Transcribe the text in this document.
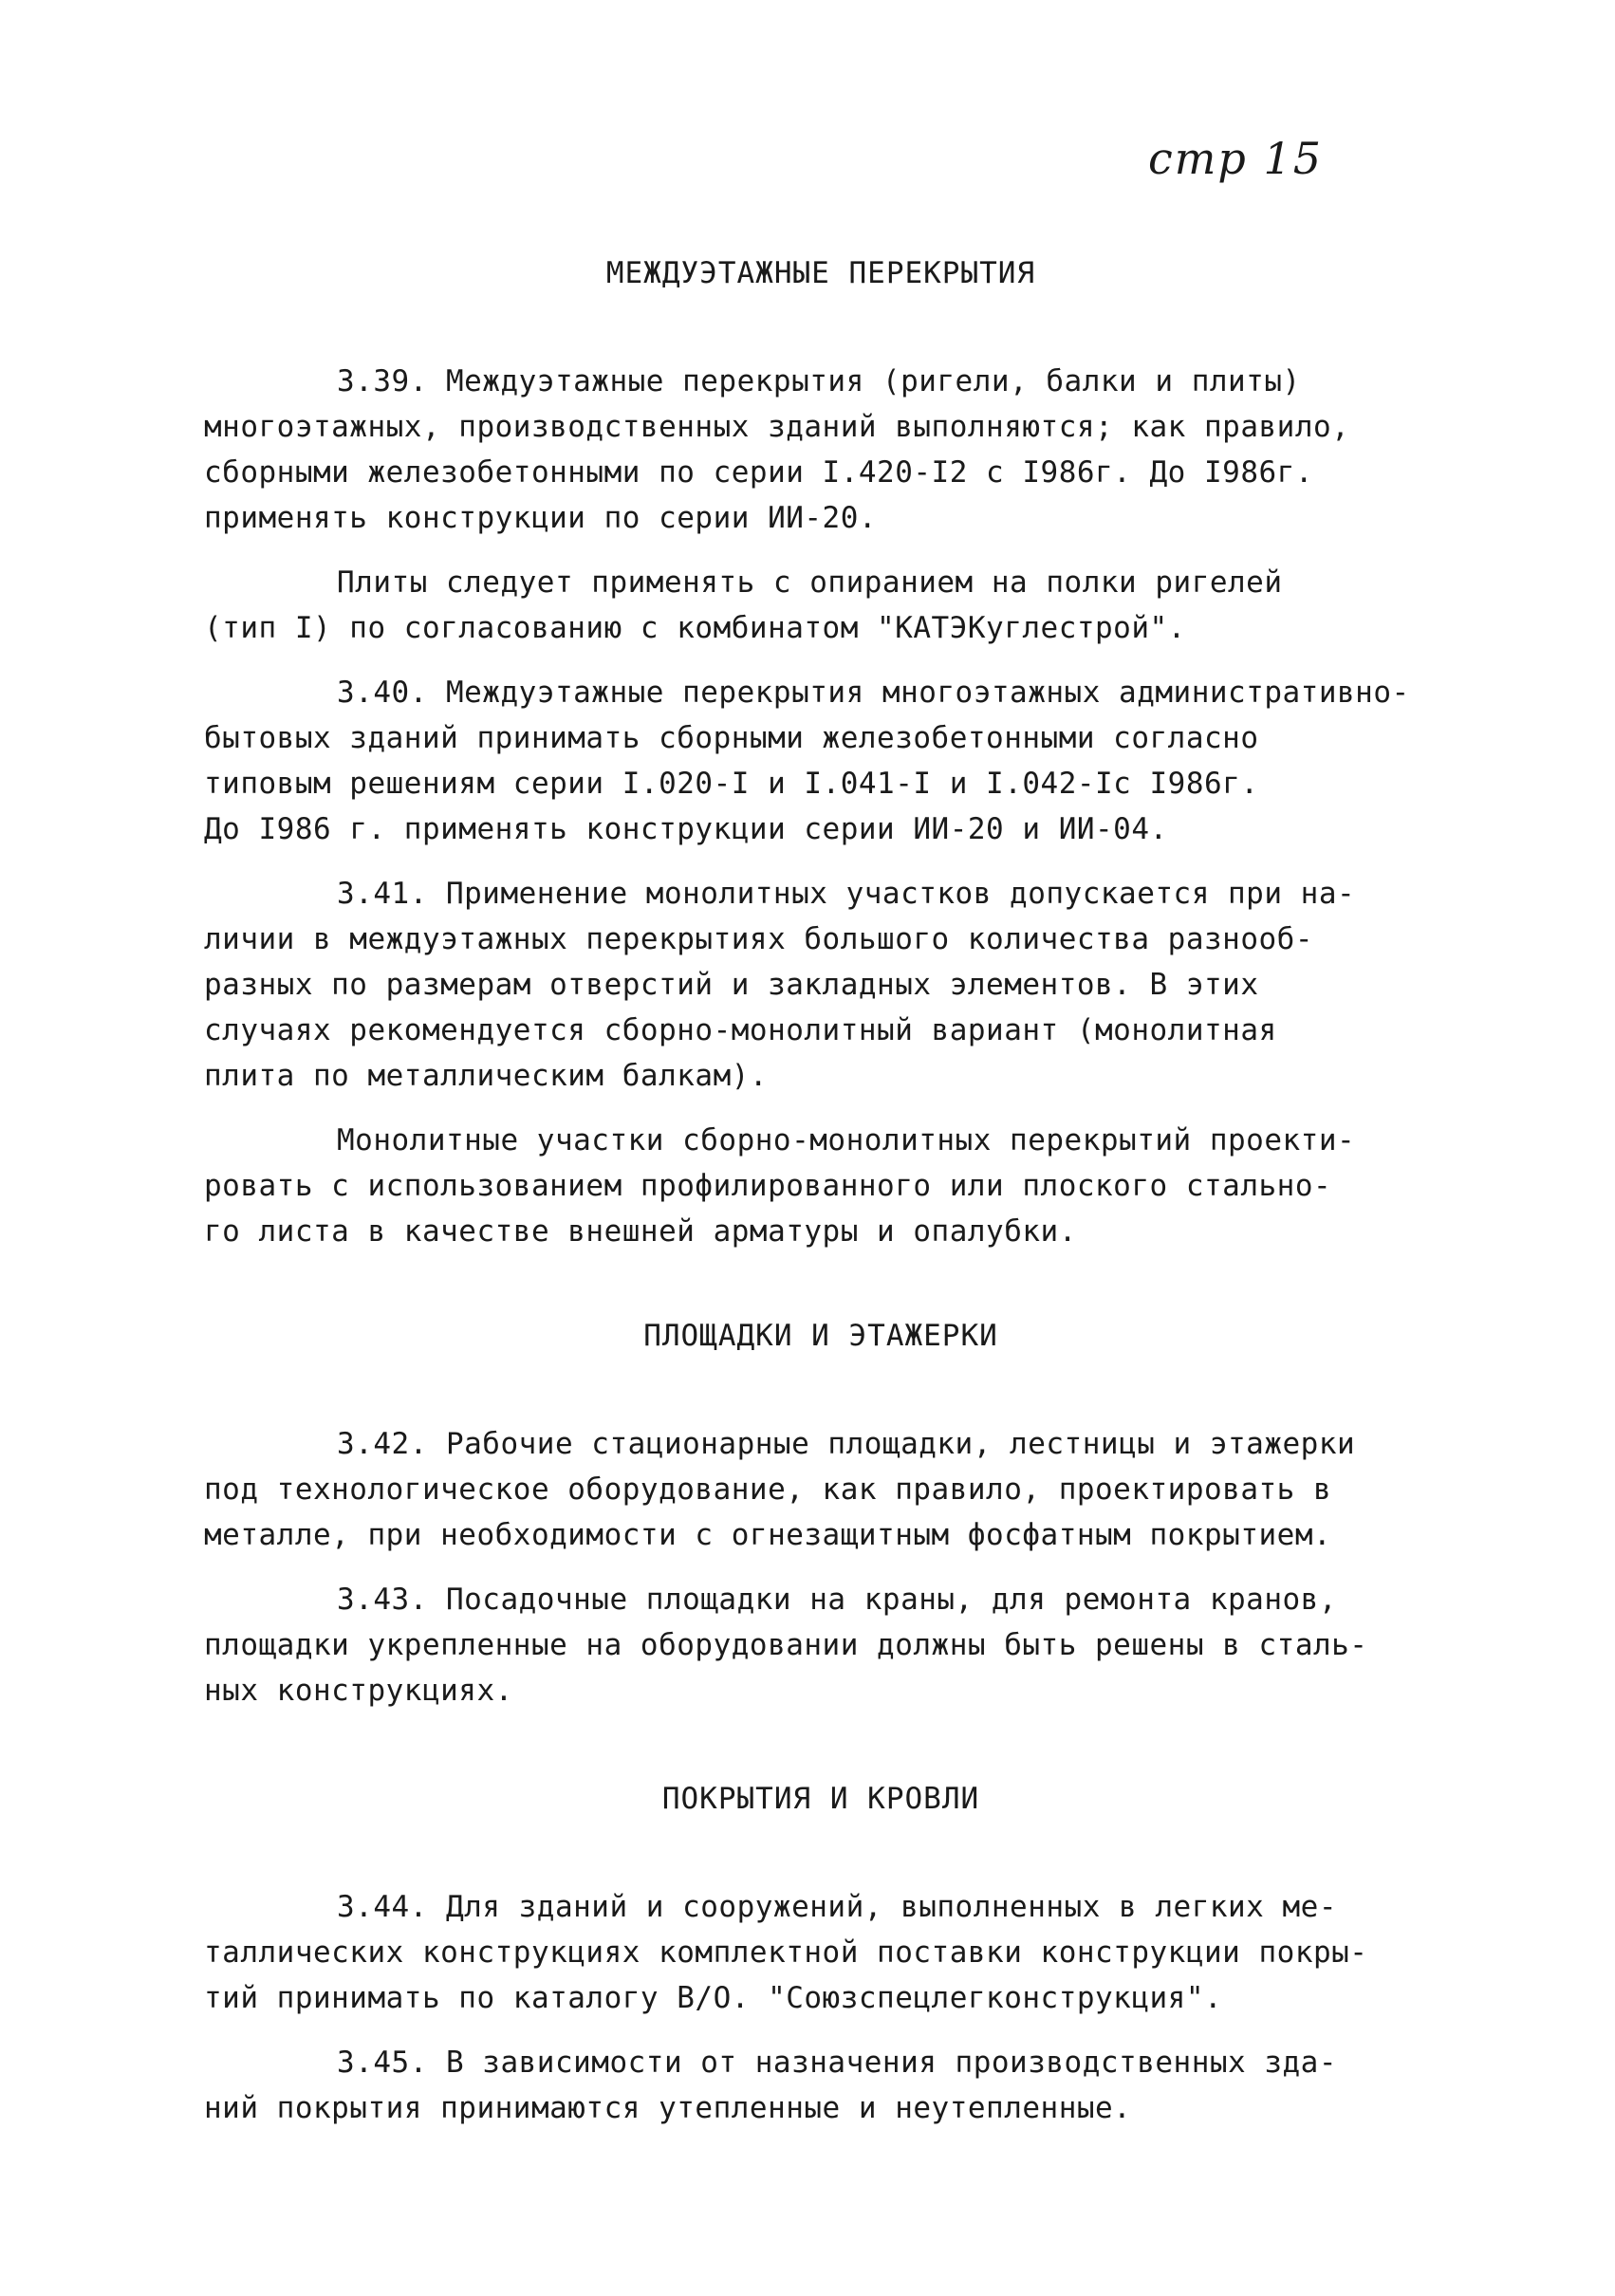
стр 15
МЕЖДУЭТАЖНЫЕ ПЕРЕКРЫТИЯ

3.39. Междуэтажные перекрытия (ригели, балки и плиты)
многоэтажных, производственных зданий выполняются; как правило,
сборными железобетонными по серии I.420-I2 с I986г. До I986г.
применять конструкции по серии ИИ-20.

Плиты следует применять с опиранием на полки ригелей
(тип I) по согласованию с комбинатом "КАТЭКуглестрой".

3.40. Междуэтажные перекрытия многоэтажных административно-
бытовых зданий принимать сборными железобетонными согласно
типовым решениям серии I.020-I и I.041-I и I.042-Iс I986г.
До I986 г. применять конструкции серии ИИ-20 и ИИ-04.

3.41. Применение монолитных участков допускается при на-
личии в междуэтажных перекрытиях большого количества разнооб-
разных по размерам отверстий и закладных элементов. В этих
случаях рекомендуется сборно-монолитный вариант (монолитная
плита по металлическим балкам).

Монолитные участки сборно-монолитных перекрытий проекти-
ровать с использованием профилированного или плоского стально-
го листа в качестве внешней арматуры и опалубки.

ПЛОЩАДКИ И ЭТАЖЕРКИ

3.42. Рабочие стационарные площадки, лестницы и этажерки
под технологическое оборудование, как правило, проектировать в
металле, при необходимости с огнезащитным фосфатным покрытием.

3.43. Посадочные площадки на краны, для ремонта кранов,
площадки укрепленные на оборудовании должны быть решены в сталь-
ных конструкциях.

ПОКРЫТИЯ И КРОВЛИ

3.44. Для зданий и сооружений, выполненных в легких ме-
таллических конструкциях комплектной поставки конструкции покры-
тий принимать по каталогу В/О. "Союзспецлегконструкция".

3.45. В зависимости от назначения производственных зда-
ний покрытия принимаются утепленные и неутепленные.
